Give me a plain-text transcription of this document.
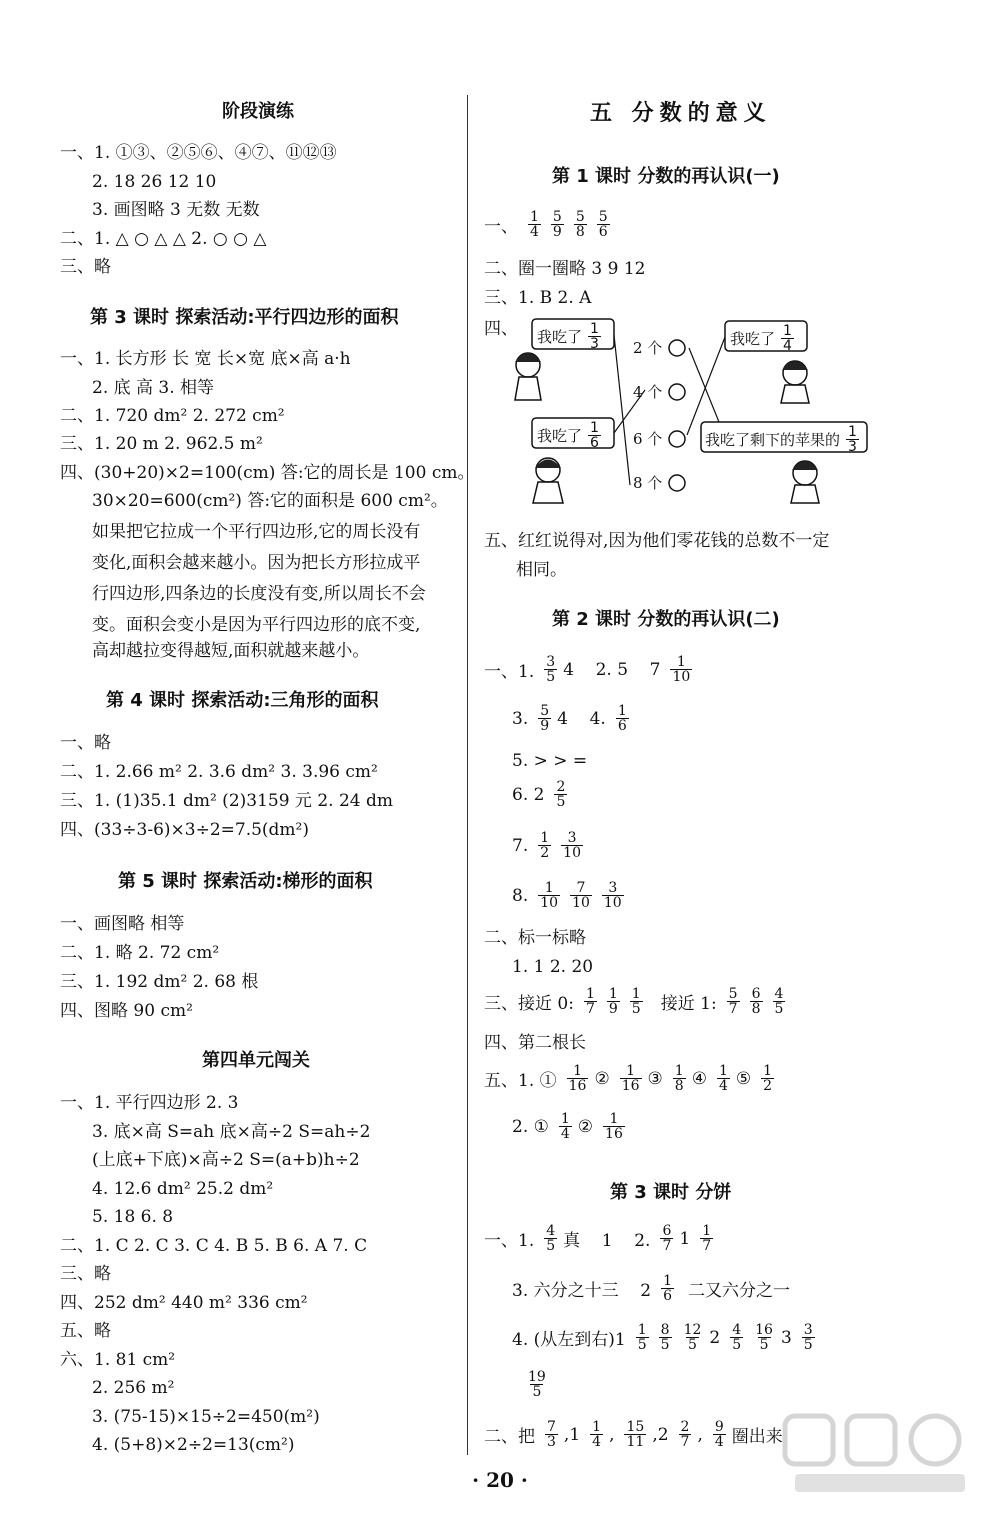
阶段演练
一、1. ①③、②⑤⑥、④⑦、⑪⑫⑬
2. 18 26 12 10
3. 画图略 3 无数 无数
二、1. △ ○ △ △ 2. ○ ○ △
三、略
第 3 课时 探索活动:平行四边形的面积
一、1. 长方形 长 宽 长×宽 底×高 a·h
2. 底 高 3. 相等
二、1. 720 dm² 2. 272 cm²
三、1. 20 m 2. 962.5 m²
四、(30+20)×2=100(cm) 答:它的周长是 100 cm。
30×20=600(cm²) 答:它的面积是 600 cm²。
如果把它拉成一个平行四边形,它的周长没有
变化,面积会越来越小。因为把长方形拉成平
行四边形,四条边的长度没有变,所以周长不会
变。面积会变小是因为平行四边形的底不变,
高却越拉变得越短,面积就越来越小。
第 4 课时 探索活动:三角形的面积
一、略
二、1. 2.66 m² 2. 3.6 dm² 3. 3.96 cm²
三、1. (1)35.1 dm² (2)3159 元 2. 24 dm
四、(33÷3-6)×3÷2=7.5(dm²)
第 5 课时 探索活动:梯形的面积
一、画图略 相等
二、1. 略 2. 72 cm²
三、1. 192 dm² 2. 68 根
四、图略 90 cm²
第四单元闯关
一、1. 平行四边形 2. 3
3. 底×高 S=ah 底×高÷2 S=ah÷2
(上底+下底)×高÷2 S=(a+b)h÷2
4. 12.6 dm² 25.2 dm²
5. 18 6. 8
二、1. C 2. C 3. C 4. B 5. B 6. A 7. C
三、略
四、252 dm² 440 m² 336 cm²
五、略
六、1. 81 cm²
2. 256 m²
3. (75-15)×15÷2=450(m²)
4. (5+8)×2÷2=13(cm²)
五 分数的意义
第 1 课时 分数的再认识(一)
一、 $\frac{1}{4} \frac{5}{9} \frac{5}{8} \frac{5}{6}$
二、圈一圈略 3 9 12
三、1. B 2. A
四、 我吃了 $\frac{1}{3}$	我吃了 $\frac{1}{4}$
我吃了 $\frac{1}{6}$	我吃了剩下的苹果的 $\frac{1}{3}$
2 个
4 个
6 个
8 个
五、红红说得对,因为他们零花钱的总数不一定
相同。
第 2 课时 分数的再认识(二)
一、1. $\frac{3}{5} 4$    2. 5    $7 \frac{1}{10}$
3. $\frac{5}{9} 4$    4. $\frac{1}{6}$
5. > > =
6. $2 \frac{2}{5}$
7. $\frac{1}{2} \frac{3}{10}$
8. $\frac{1}{10} \frac{7}{10} \frac{3}{10}$
二、标一标略
1. 1 2. 20
三、接近 0: $\frac{1}{7} \frac{1}{9} \frac{1}{5}$ 接近 1: $\frac{5}{7} \frac{6}{8} \frac{4}{5}$
四、第二根长
五、1. ① $\frac{1}{16}$ ② $\frac{1}{16}$ ③ $\frac{1}{8}$ ④ $\frac{1}{4}$ ⑤ $\frac{1}{2}$
2. ① $\frac{1}{4}$ ② $\frac{1}{16}$
第 3 课时 分饼
一、1. $\frac{4}{5}$ 真    1    2. $\frac{6}{7} 1 \frac{1}{7}$
3. 六分之十三    $2 \frac{1}{6}$ 二又六分之一
4. (从左到右)$1 \frac{1}{5} \frac{8}{5} \frac{12}{5} 2 \frac{4}{5} \frac{16}{5} 3 \frac{3}{5}$
$\frac{19}{5}$
二、把 $\frac{7}{3} ,1 \frac{1}{4}$ , $\frac{15}{11} ,2 \frac{2}{7}$ , $\frac{9}{4}$ 圈出来
· 20 ·
